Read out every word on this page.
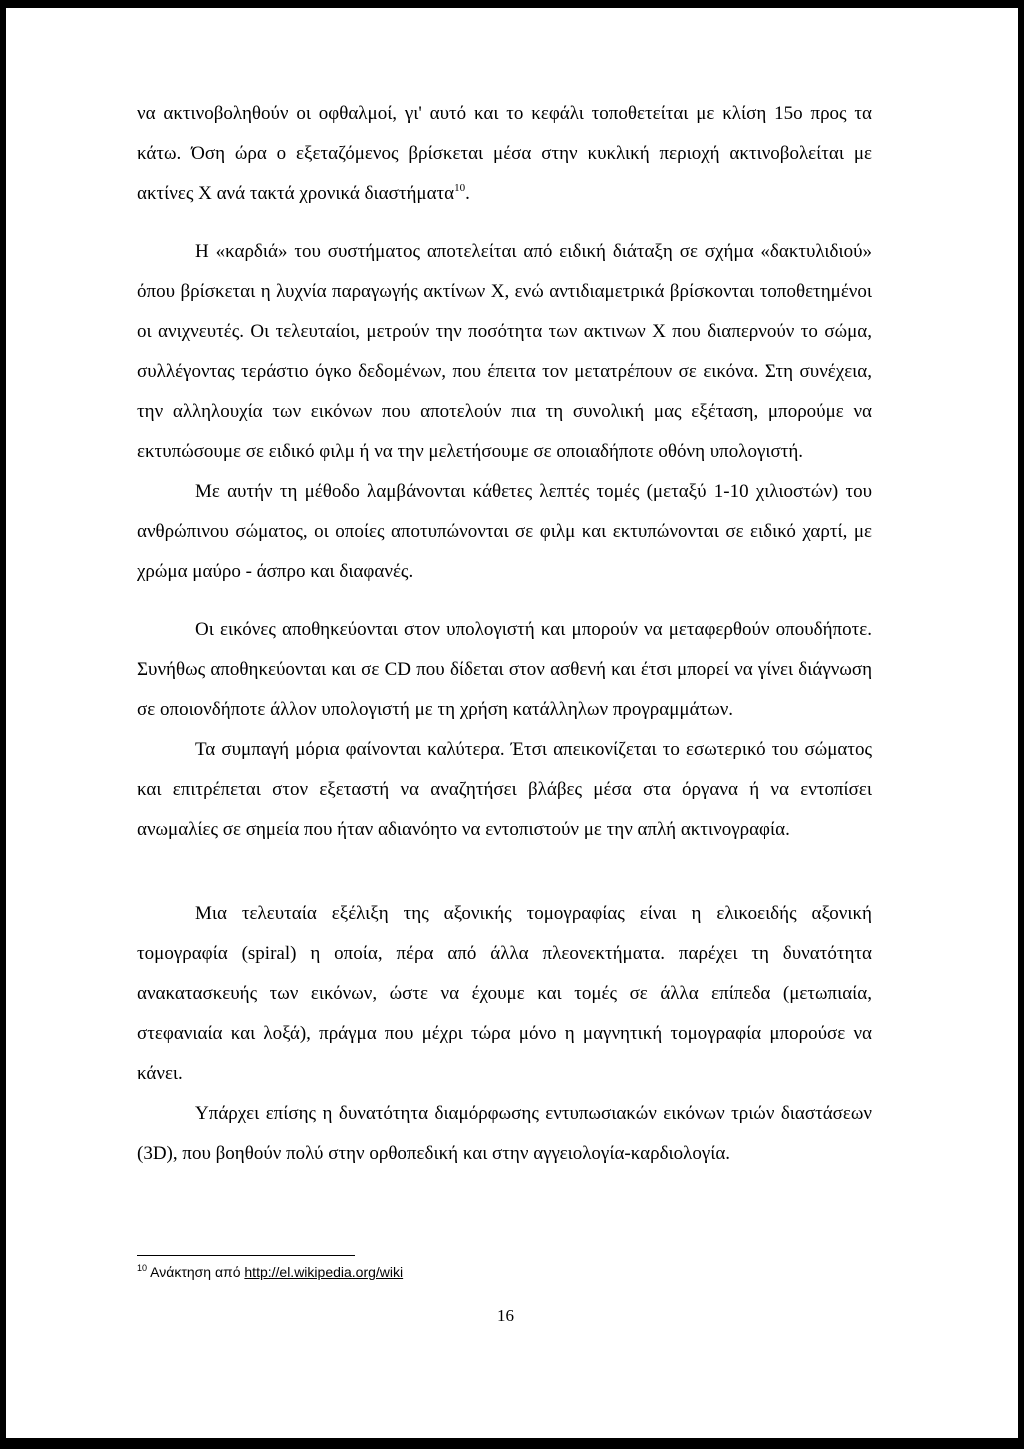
να ακτινοβοληθούν οι οφθαλμοί, γι' αυτό και το κεφάλι τοποθετείται με κλίση 15ο προς τα κάτω. Όση ώρα ο εξεταζόμενος βρίσκεται μέσα στην κυκλική περιοχή ακτινοβολείται με ακτίνες Χ ανά τακτά χρονικά διαστήματα$^{10}$.

Η «καρδιά» του συστήματος αποτελείται από ειδική διάταξη σε σχήμα «δακτυλιδιού» όπου βρίσκεται η λυχνία παραγωγής ακτίνων Χ, ενώ αντιδιαμετρικά βρίσκονται τοποθετημένοι οι ανιχνευτές. Οι τελευταίοι, μετρούν την ποσότητα των ακτινων Χ που διαπερνούν το σώμα, συλλέγοντας τεράστιο όγκο δεδομένων, που έπειτα τον μετατρέπουν σε εικόνα. Στη συνέχεια, την αλληλουχία των εικόνων που αποτελούν πια τη συνολική μας εξέταση, μπορούμε να εκτυπώσουμε σε ειδικό φιλμ ή να την μελετήσουμε σε οποιαδήποτε οθόνη υπολογιστή.

Με αυτήν τη μέθοδο λαμβάνονται κάθετες λεπτές τομές (μεταξύ 1-10 χιλιοστών) του ανθρώπινου σώματος, οι οποίες αποτυπώνονται σε φιλμ και εκτυπώνονται σε ειδικό χαρτί, με χρώμα μαύρο - άσπρο και διαφανές.

Οι εικόνες αποθηκεύονται στον υπολογιστή και μπορούν να μεταφερθούν οπουδήποτε. Συνήθως αποθηκεύονται και σε CD που δίδεται στον ασθενή και έτσι μπορεί να γίνει διάγνωση σε οποιονδήποτε άλλον υπολογιστή με τη χρήση κατάλληλων προγραμμάτων.

Τα συμπαγή μόρια φαίνονται καλύτερα. Έτσι απεικονίζεται το εσωτερικό του σώματος και επιτρέπεται στον εξεταστή να αναζητήσει βλάβες μέσα στα όργανα ή να εντοπίσει ανωμαλίες σε σημεία που ήταν αδιανόητο να εντοπιστούν με την απλή ακτινογραφία.

Μια τελευταία εξέλιξη της αξονικής τομογραφίας είναι η ελικοειδής αξονική τομογραφία (spiral) η οποία, πέρα από άλλα πλεονεκτήματα. παρέχει τη δυνατότητα ανακατασκευής των εικόνων, ώστε να έχουμε και τομές σε άλλα επίπεδα (μετωπιαία, στεφανιαία και λοξά), πράγμα που μέχρι τώρα μόνο η μαγνητική τομογραφία μπορούσε να κάνει.

Υπάρχει επίσης η δυνατότητα διαμόρφωσης εντυπωσιακών εικόνων τριών διαστάσεων (3D), που βοηθούν πολύ στην ορθοπεδική και στην αγγειολογία-καρδιολογία.

$^{10}$ Ανάκτηση από http://el.wikipedia.org/wiki
16
